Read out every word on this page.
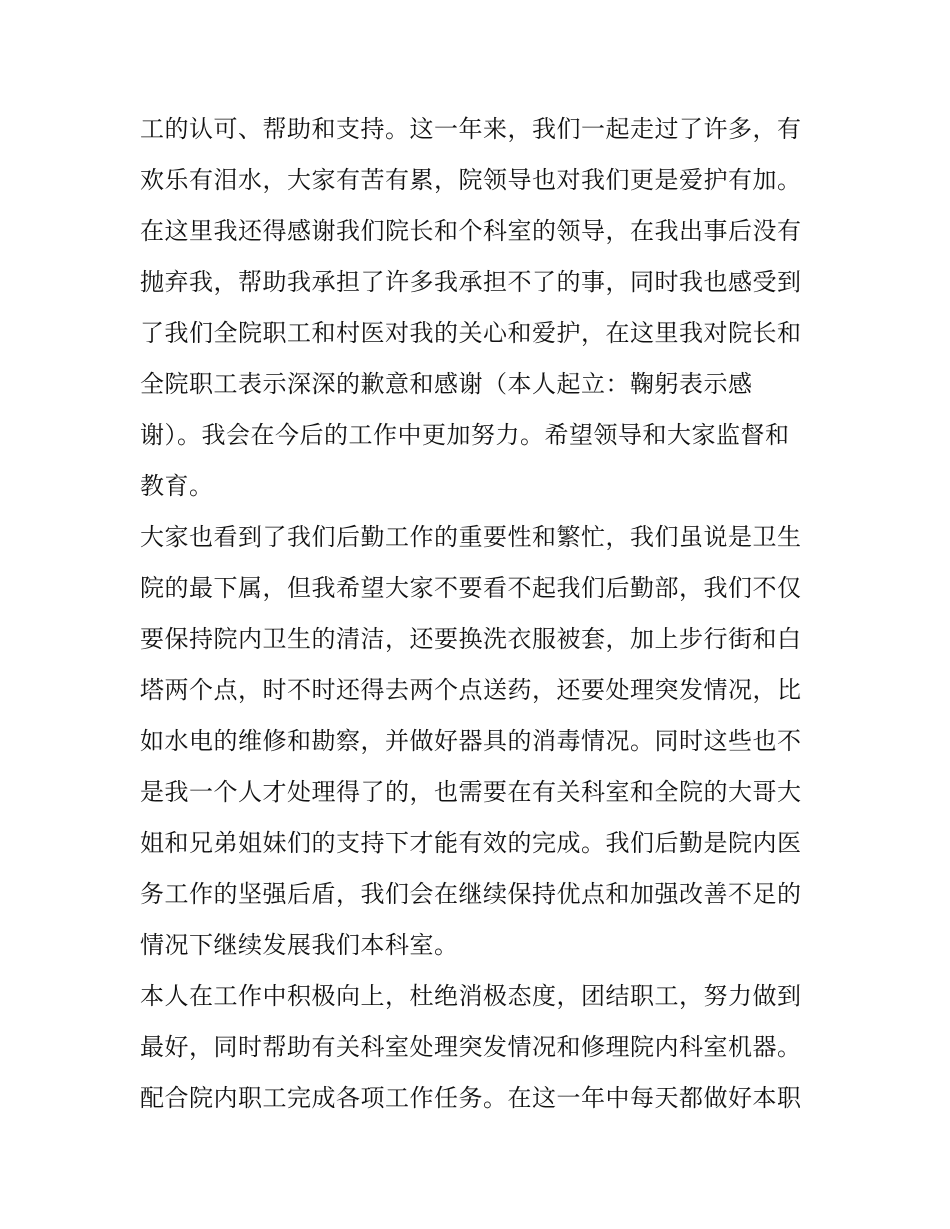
工的认可、帮助和支持。这一年来，我们一起走过了许多，有
欢乐有泪水，大家有苦有累，院领导也对我们更是爱护有加。
在这里我还得感谢我们院长和个科室的领导，在我出事后没有
抛弃我，帮助我承担了许多我承担不了的事，同时我也感受到
了我们全院职工和村医对我的关心和爱护，在这里我对院长和
全院职工表示深深的歉意和感谢（本人起立：鞠躬表示感
谢）。我会在今后的工作中更加努力。希望领导和大家监督和
教育。
大家也看到了我们后勤工作的重要性和繁忙，我们虽说是卫生
院的最下属，但我希望大家不要看不起我们后勤部，我们不仅
要保持院内卫生的清洁，还要换洗衣服被套，加上步行街和白
塔两个点，时不时还得去两个点送药，还要处理突发情况，比
如水电的维修和勘察，并做好器具的消毒情况。同时这些也不
是我一个人才处理得了的，也需要在有关科室和全院的大哥大
姐和兄弟姐妹们的支持下才能有效的完成。我们后勤是院内医
务工作的坚强后盾，我们会在继续保持优点和加强改善不足的
情况下继续发展我们本科室。
本人在工作中积极向上，杜绝消极态度，团结职工，努力做到
最好，同时帮助有关科室处理突发情况和修理院内科室机器。
配合院内职工完成各项工作任务。在这一年中每天都做好本职
